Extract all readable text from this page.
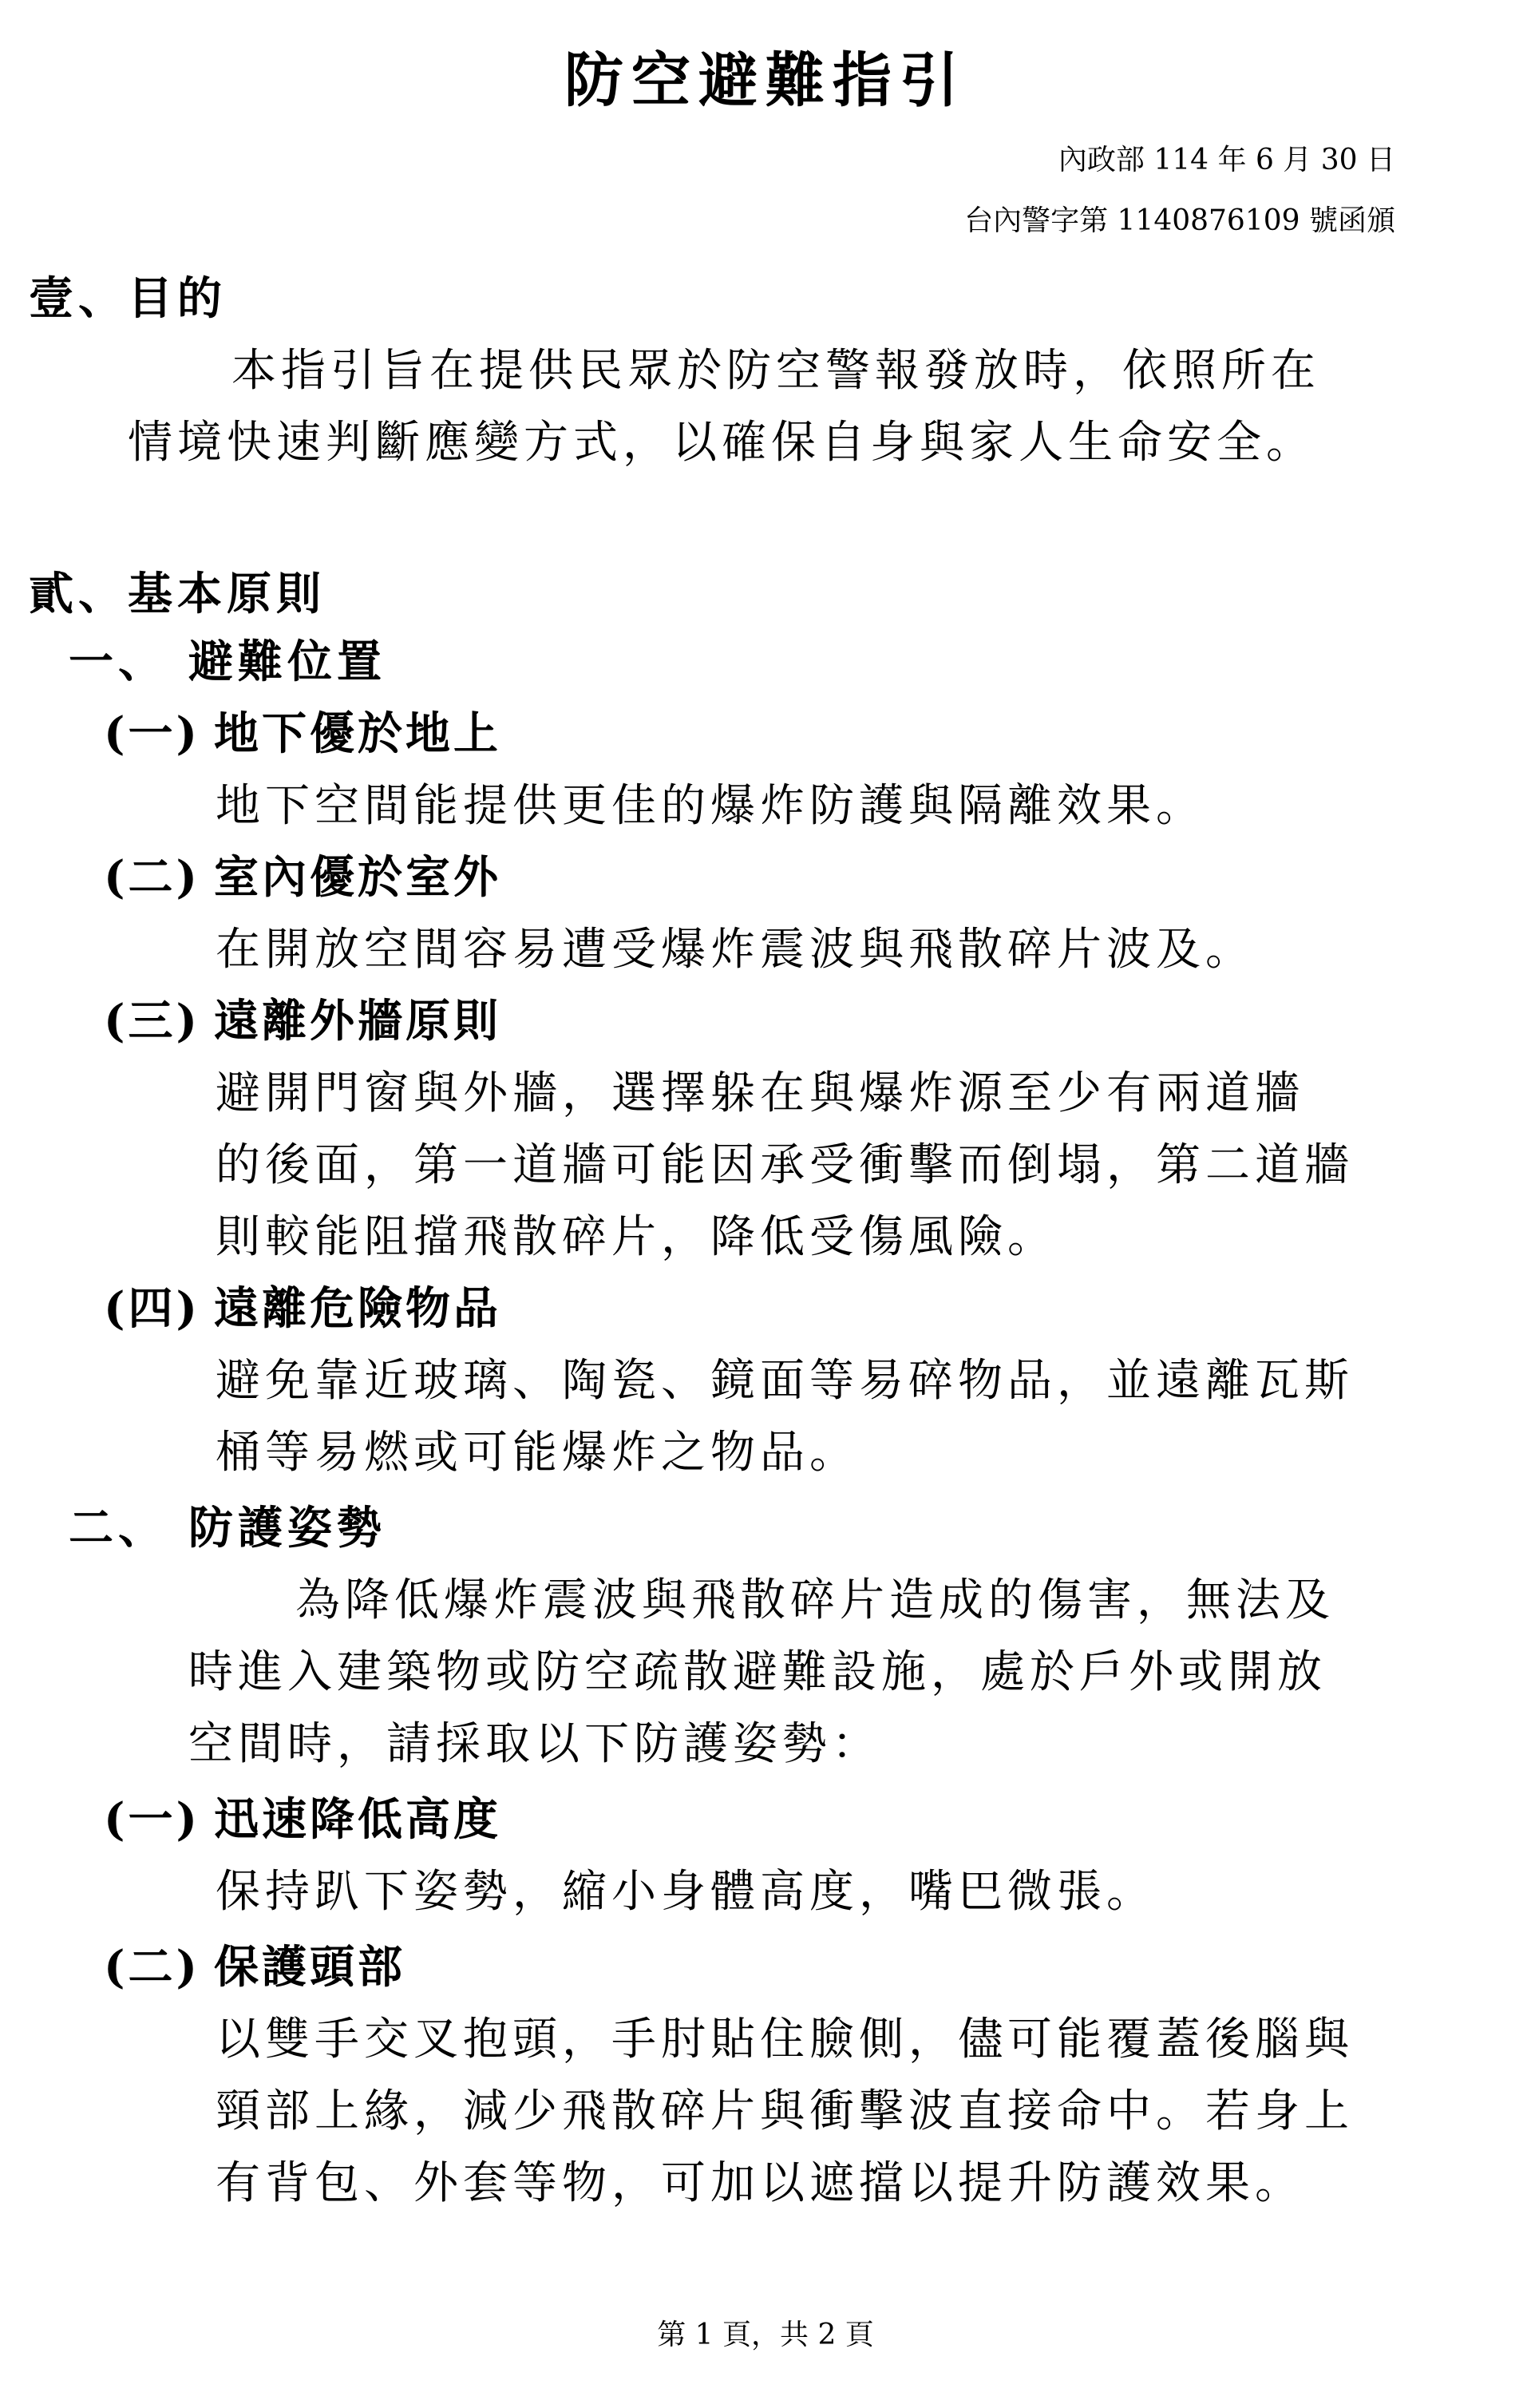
防空避難指引
內政部 114 年 6 月 30 日
台內警字第 1140876109 號函頒
壹、目的
本指引旨在提供民眾於防空警報發放時，依照所在
情境快速判斷應變方式，以確保自身與家人生命安全。
貳、基本原則
一、 避難位置
(一) 地下優於地上
地下空間能提供更佳的爆炸防護與隔離效果。
(二) 室內優於室外
在開放空間容易遭受爆炸震波與飛散碎片波及。
(三) 遠離外牆原則
避開門窗與外牆，選擇躲在與爆炸源至少有兩道牆
的後面，第一道牆可能因承受衝擊而倒塌，第二道牆
則較能阻擋飛散碎片，降低受傷風險。
(四) 遠離危險物品
避免靠近玻璃、陶瓷、鏡面等易碎物品，並遠離瓦斯
桶等易燃或可能爆炸之物品。
二、 防護姿勢
為降低爆炸震波與飛散碎片造成的傷害，無法及
時進入建築物或防空疏散避難設施，處於戶外或開放
空間時，請採取以下防護姿勢：
(一) 迅速降低高度
保持趴下姿勢，縮小身體高度，嘴巴微張。
(二) 保護頭部
以雙手交叉抱頭，手肘貼住臉側，儘可能覆蓋後腦與
頸部上緣，減少飛散碎片與衝擊波直接命中。若身上
有背包、外套等物，可加以遮擋以提升防護效果。
第 1 頁，共 2 頁
